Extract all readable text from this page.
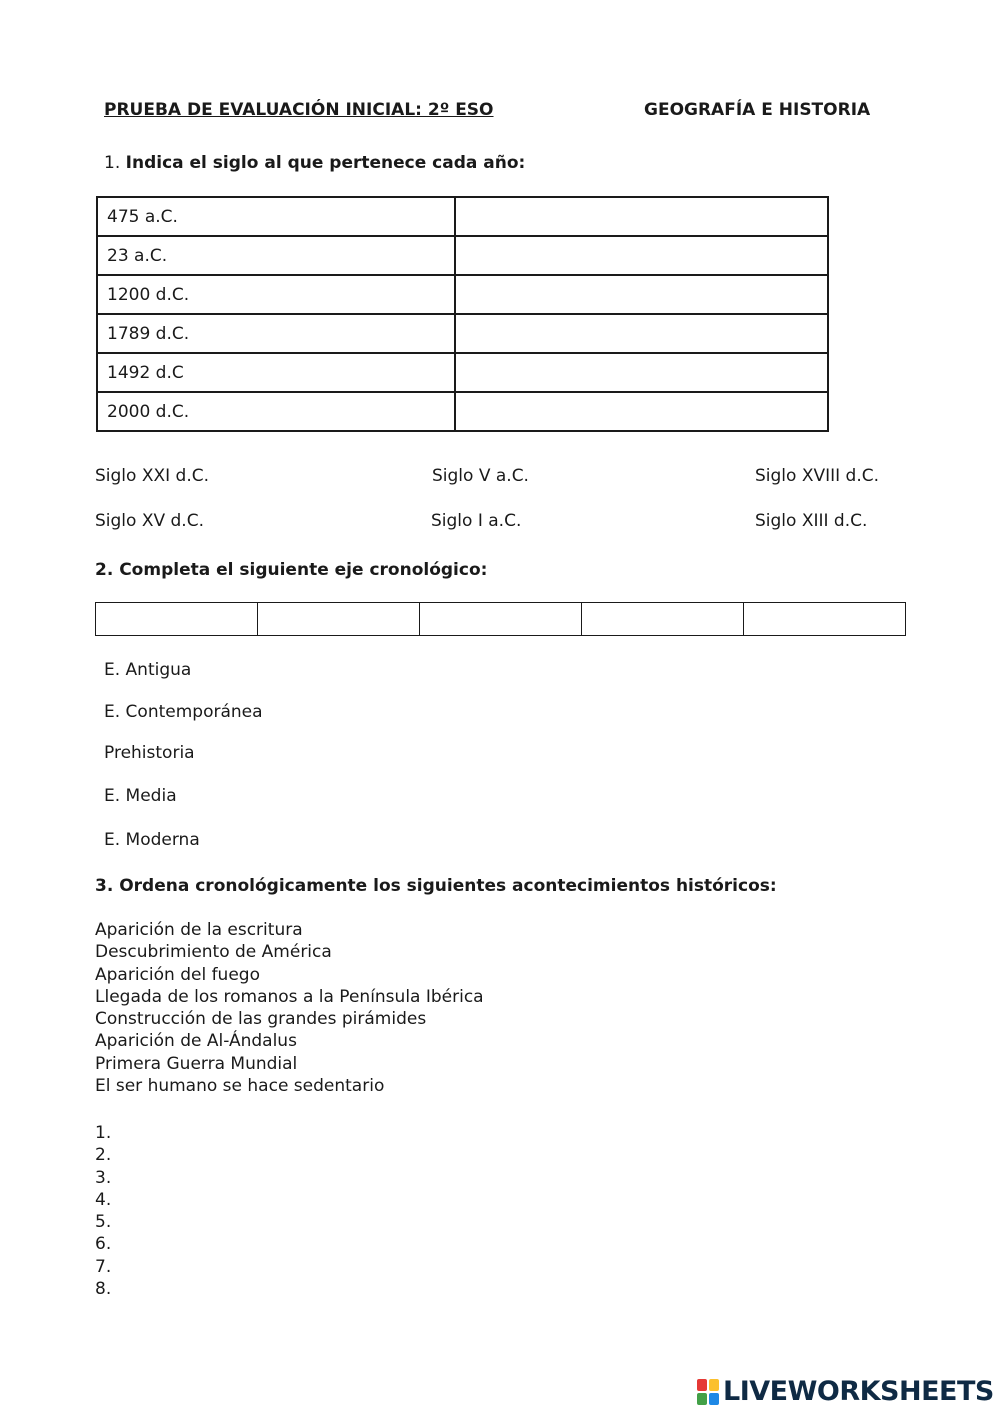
PRUEBA DE EVALUACIÓN INICIAL: 2º ESO	GEOGRAFÍA E HISTORIA
1. Indica el siglo al que pertenece cada año:
475 a.C.	
23 a.C.	
1200 d.C.	
1789 d.C.	
1492 d.C	
2000 d.C.	
Siglo XXI d.C.	Siglo V a.C.	Siglo XVIII d.C.
Siglo XV d.C.	Siglo I a.C.	Siglo XIII d.C.
2. Completa el siguiente eje cronológico:

E. Antigua
E. Contemporánea
Prehistoria
E. Media
E. Moderna
3. Ordena cronológicamente los siguientes acontecimientos históricos:
Aparición de la escritura
Descubrimiento de América
Aparición del fuego
Llegada de los romanos a la Península Ibérica
Construcción de las grandes pirámides
Aparición de Al-Ándalus
Primera Guerra Mundial
El ser humano se hace sedentario
1.
2.
3.
4.
5.
6.
7.
8.
LIVEWORKSHEETS
